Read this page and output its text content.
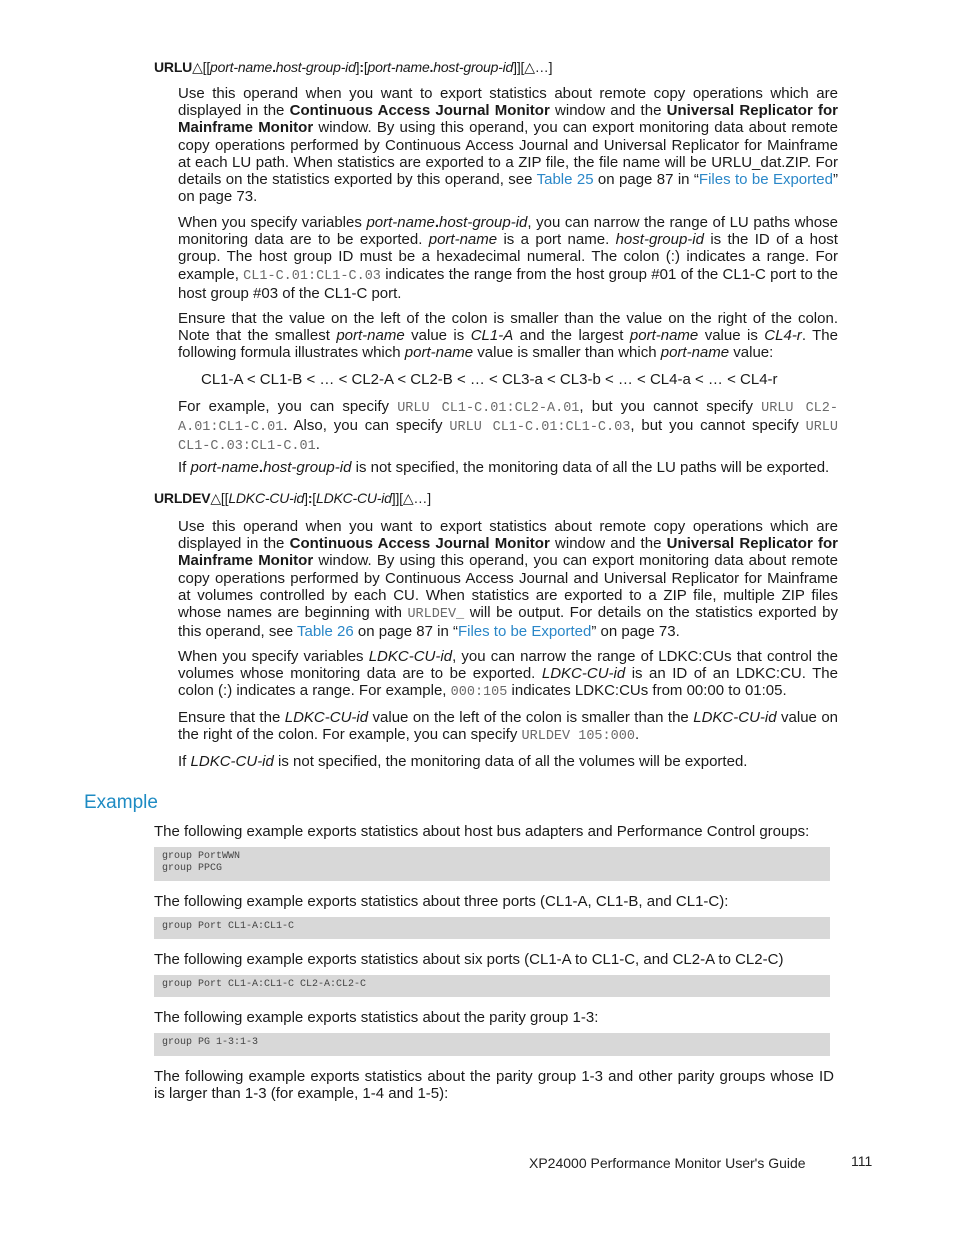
URLU△[[port-name.host-group-id]:[port-name.host-group-id]][△…]
Use this operand when you want to export statistics about remote copy operations which are displayed in the Continuous Access Journal Monitor window and the Universal Replicator for Mainframe Monitor window. By using this operand, you can export monitoring data about remote copy operations performed by Continuous Access Journal and Universal Replicator for Mainframe at each LU path. When statistics are exported to a ZIP file, the file name will be URLU_dat.ZIP. For details on the statistics exported by this operand, see Table 25 on page 87 in “Files to be Exported” on page 73.
When you specify variables port-name.host-group-id, you can narrow the range of LU paths whose monitoring data are to be exported. port-name is a port name. host-group-id is the ID of a host group. The host group ID must be a hexadecimal numeral. The colon (:) indicates a range. For example, CL1-C.01:CL1-C.03 indicates the range from the host group #01 of the CL1-C port to the host group #03 of the CL1-C port.
Ensure that the value on the left of the colon is smaller than the value on the right of the colon. Note that the smallest port-name value is CL1-A and the largest port-name value is CL4-r. The following formula illustrates which port-name value is smaller than which port-name value:
CL1-A < CL1-B < … < CL2-A < CL2-B < … < CL3-a < CL3-b < … < CL4-a < … < CL4-r
For example, you can specify URLU CL1-C.01:CL2-A.01, but you cannot specify URLU CL2-A.01:CL1-C.01. Also, you can specify URLU CL1-C.01:CL1-C.03, but you cannot specify URLU CL1-C.03:CL1-C.01.
If port-name.host-group-id is not specified, the monitoring data of all the LU paths will be exported.
URLDEV△[[LDKC-CU-id]:[LDKC-CU-id]][△…]
Use this operand when you want to export statistics about remote copy operations which are displayed in the Continuous Access Journal Monitor window and the Universal Replicator for Mainframe Monitor window. By using this operand, you can export monitoring data about remote copy operations performed by Continuous Access Journal and Universal Replicator for Mainframe at volumes controlled by each CU. When statistics are exported to a ZIP file, multiple ZIP files whose names are beginning with URLDEV_ will be output. For details on the statistics exported by this operand, see Table 26 on page 87 in “Files to be Exported” on page 73.
When you specify variables LDKC-CU-id, you can narrow the range of LDKC:CUs that control the volumes whose monitoring data are to be exported. LDKC-CU-id is an ID of an LDKC:CU. The colon (:) indicates a range. For example, 000:105 indicates LDKC:CUs from 00:00 to 01:05.
Ensure that the LDKC-CU-id value on the left of the colon is smaller than the LDKC-CU-id value on the right of the colon. For example, you can specify URLDEV 105:000.
If LDKC-CU-id is not specified, the monitoring data of all the volumes will be exported.
Example
The following example exports statistics about host bus adapters and Performance Control groups:
group PortWWN
group PPCG
The following example exports statistics about three ports (CL1-A, CL1-B, and CL1-C):
group Port CL1-A:CL1-C
The following example exports statistics about six ports (CL1-A to CL1-C, and CL2-A to CL2-C)
group Port CL1-A:CL1-C CL2-A:CL2-C
The following example exports statistics about the parity group 1-3:
group PG 1-3:1-3
The following example exports statistics about the parity group 1-3 and other parity groups whose ID is larger than 1-3 (for example, 1-4 and 1-5):
XP24000 Performance Monitor User's Guide	111
